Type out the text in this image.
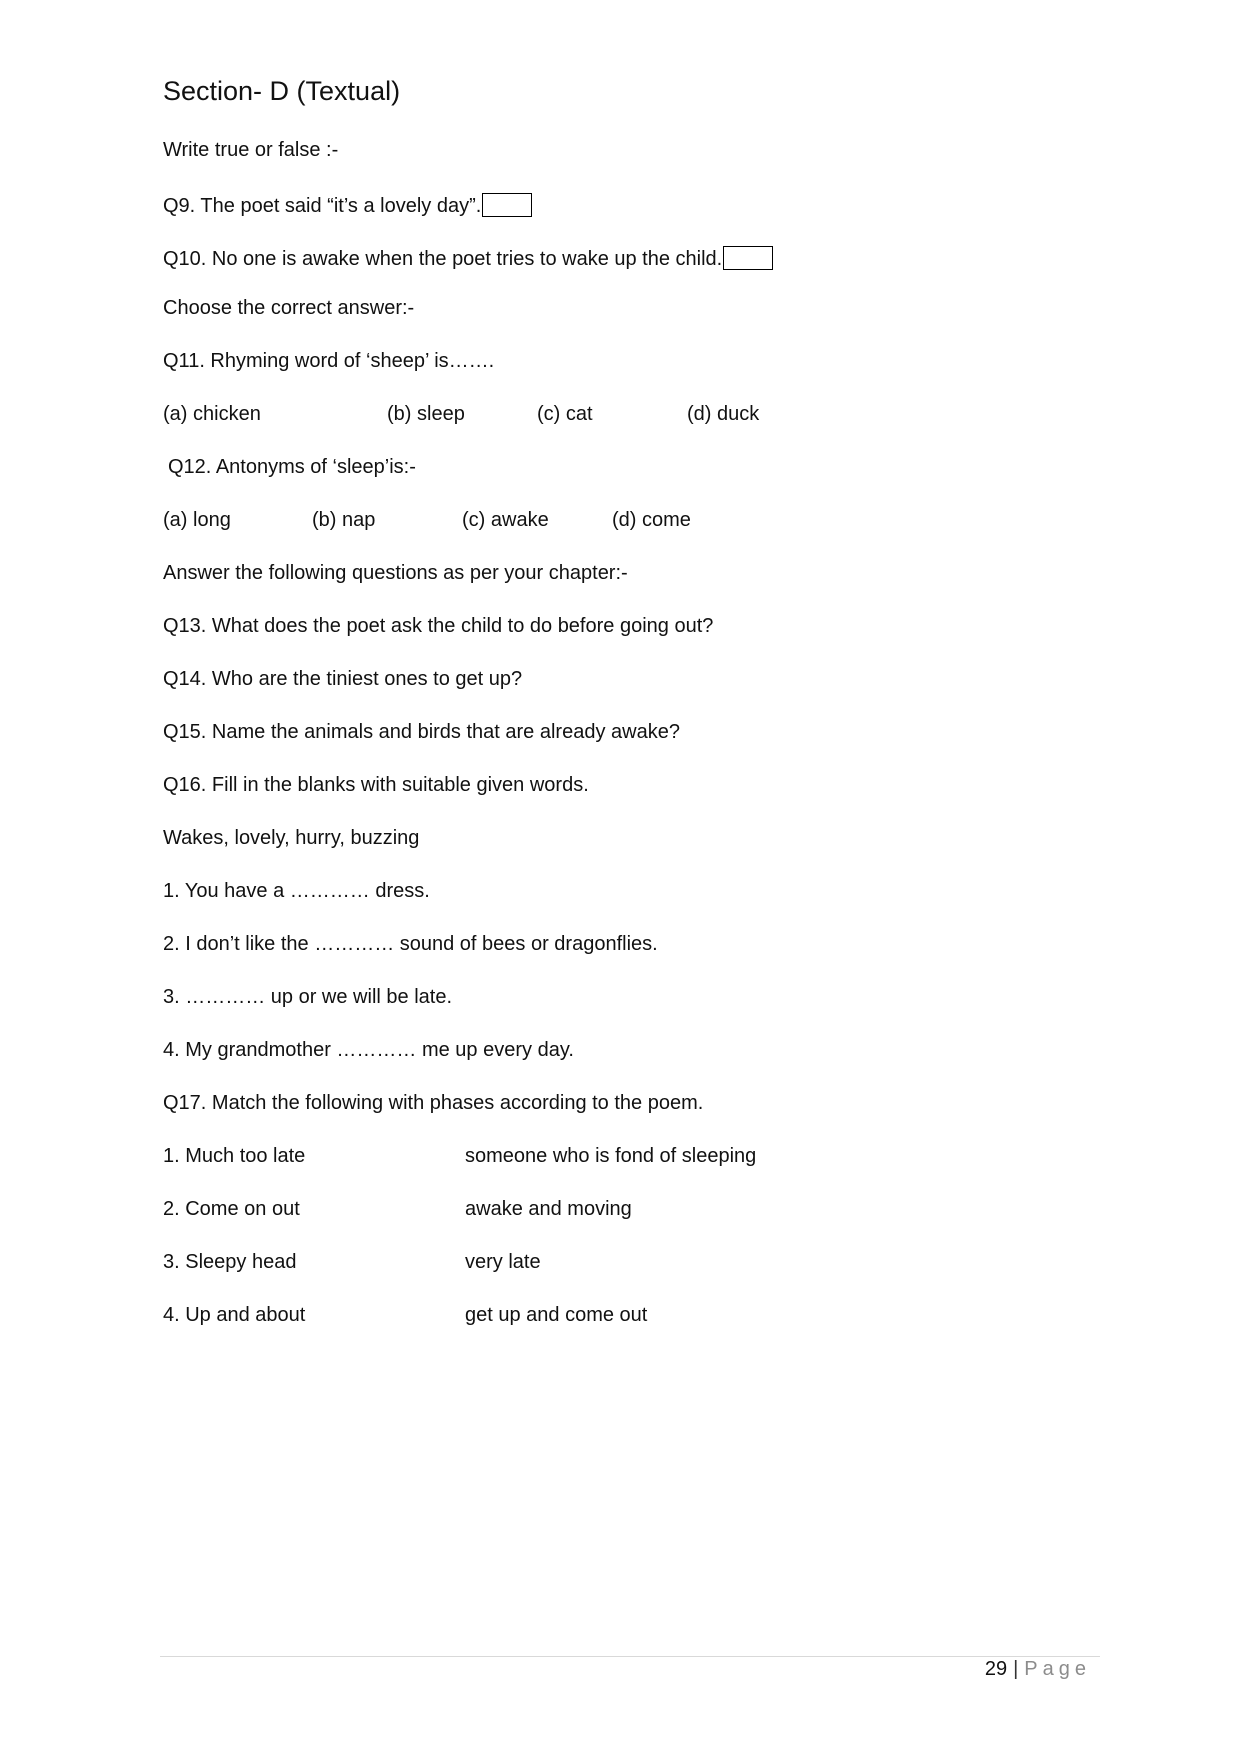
Section- D (Textual)
Write true or false :-
Q9. The poet said “it’s a lovely day”.
Q10. No one is awake when the poet tries to wake up the child.
Choose the correct answer:-
Q11. Rhyming word of ‘sheep’ is…….
(a) chicken	(b) sleep	(c) cat	(d) duck
Q12. Antonyms of ‘sleep’is:-
(a) long	(b) nap	(c) awake	(d) come
Answer the following questions as per your chapter:-
Q13. What does the poet ask the child to do before going out?
Q14. Who are the tiniest ones to get up?
Q15. Name the animals and birds that are already awake?
Q16. Fill in the blanks with suitable given words.
Wakes, lovely, hurry, buzzing
1. You have a ………… dress.
2. I don’t like the ………… sound of bees or dragonflies.
3. ………… up or we will be late.
4. My grandmother ………… me up every day.
Q17. Match the following with phases according to the poem.
1. Much too late	someone who is fond of sleeping
2. Come on out	awake and moving
3. Sleepy head	very late
4. Up and about	get up and come out
29 | Page
